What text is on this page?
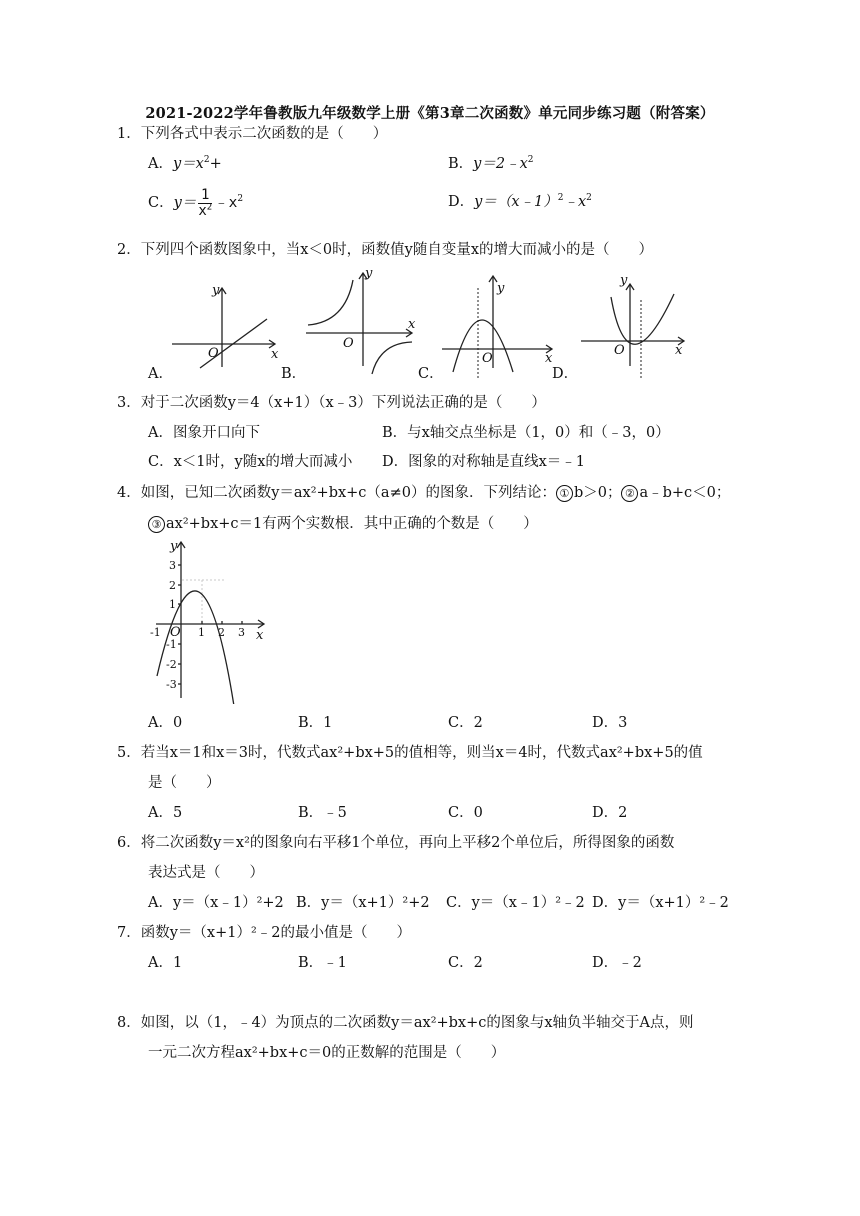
2021-2022学年鲁教版九年级数学上册《第3章二次函数》单元同步练习题（附答案）
1．下列各式中表示二次函数的是（　　）
A．$y=x^2+$	B．$y=2﹣x^2$
C．$y= \frac{1}{x^2}$ $﹣x^2$	D．$y=(x﹣1)^2﹣x^2$
2．下列四个函数图象中，当x＜0时，函数值y随自变量x的增大而减小的是（　　）
y
x
O
y
x
O
y
x
O
y
x
O
A．	B．	C．	D．
3．对于二次函数y＝4（x+1）（x﹣3）下列说法正确的是（　　）
A．图象开口向下	B．与x轴交点坐标是（1，0）和（﹣3，0）
C．x＜1时，y随x的增大而减小 D．图象的对称轴是直线x＝﹣1
4．如图，已知二次函数y＝ax²+bx+c（a≠0）的图象．下列结论： ① b＞0； ② a﹣b+c＜0；
③ ax²+bx+c＝1有两个实数根．其中正确的个数是（　　）
y
x
O
-1	1 2 3
3
2
1
-1
-2
-3
A．0	B．1	C．2	D．3
5．若当x＝1和x＝3时，代数式ax²+bx+5的值相等，则当x＝4时，代数式ax²+bx+5的值
是（　　）
A．5	B．﹣5	C．0	D．2
6．将二次函数y＝x²的图象向右平移1个单位，再向上平移2个单位后，所得图象的函数
表达式是（　　）
A．y＝（x﹣1）²+2 B．y＝（x+1）²+2 C．y＝（x﹣1）²﹣2 D．y＝（x+1）²﹣2
7．函数y＝（x+1）²﹣2的最小值是（　　）
A．1	B．﹣1	C．2	D．﹣2
8．如图，以（1，﹣4）为顶点的二次函数y＝ax²+bx+c的图象与x轴负半轴交于A点，则
一元二次方程ax²+bx+c＝0的正数解的范围是（　　）
